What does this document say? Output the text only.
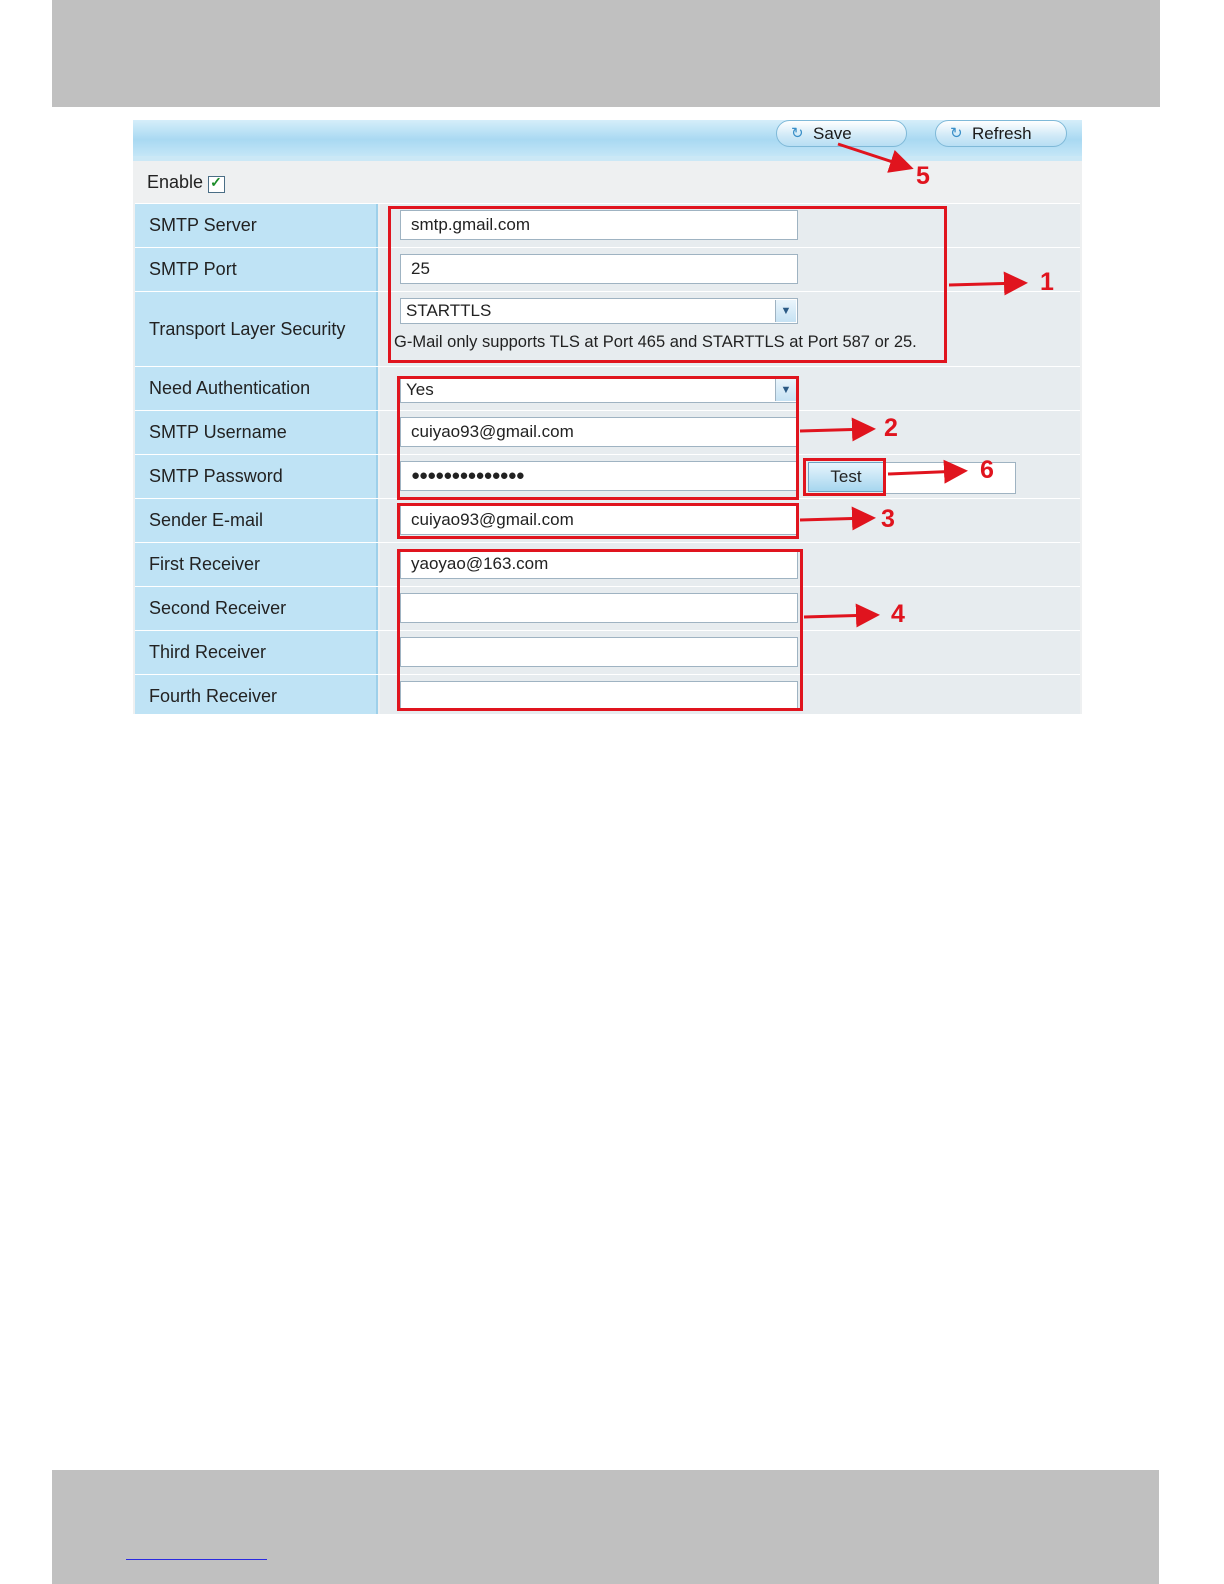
↻ Save	↻ Refresh
Enable ✓
SMTP Server	smtp.gmail.com
SMTP Port	25
Transport Layer Security
STARTTLS	▼
G-Mail only supports TLS at Port 465 and STARTTLS at Port 587 or 25.
Need Authentication	Yes	▼
SMTP Username	cuiyao93@gmail.com
SMTP Password	●●●●●●●●●●●●●●	Test
Sender E-mail	cuiyao93@gmail.com
First Receiver	yaoyao@163.com
Second Receiver
Third Receiver
Fourth Receiver
1
2
3
4
5
6
